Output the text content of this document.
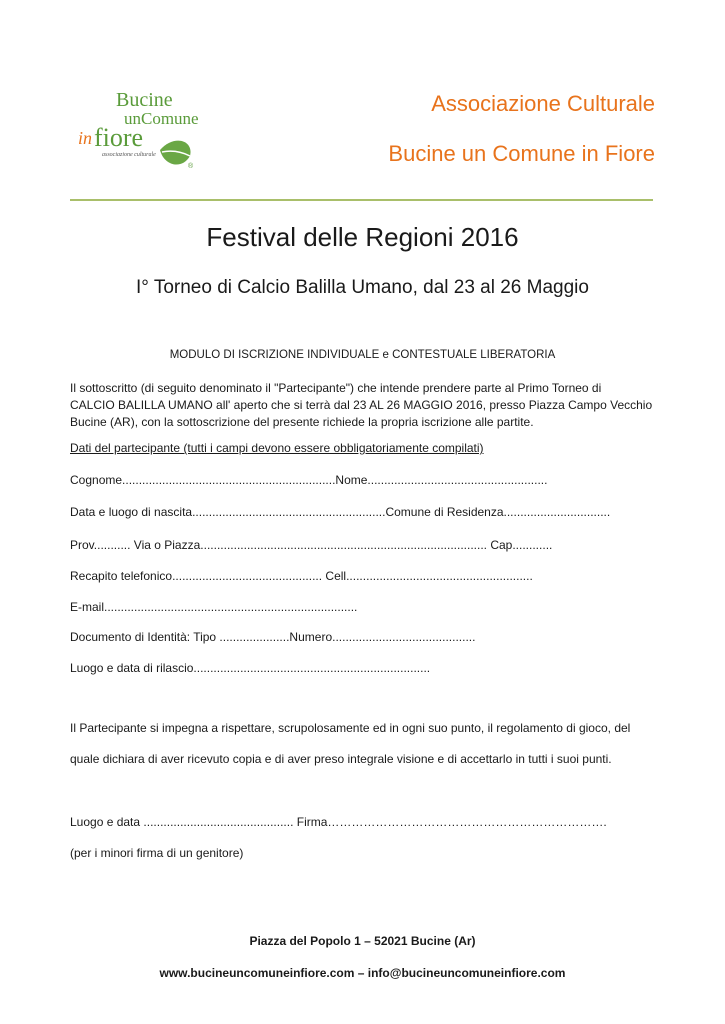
Bucine
unComune
in fiore
associazione culturale
®
Associazione Culturale
Bucine un Comune in Fiore
Festival delle Regioni 2016
I° Torneo di Calcio Balilla Umano, dal 23 al 26 Maggio
MODULO DI ISCRIZIONE INDIVIDUALE e CONTESTUALE LIBERATORIA
Il sottoscritto (di seguito denominato il "Partecipante") che intende prendere parte al Primo Torneo di
CALCIO BALILLA UMANO all' aperto che si terrà dal 23 AL 26 MAGGIO 2016, presso Piazza Campo Vecchio
Bucine (AR), con la sottoscrizione del presente richiede la propria iscrizione alle partite.
Dati del partecipante (tutti i campi devono essere obbligatoriamente compilati)
Cognome................................................................Nome......................................................
Data e luogo di nascita..........................................................Comune di Residenza................................
Prov........... Via o Piazza...................................................................................... Cap............
Recapito telefonico............................................. Cell........................................................
E-mail............................................................................
Documento di Identità: Tipo .....................Numero...........................................
Luogo e data di rilascio.......................................................................
Il Partecipante si impegna a rispettare, scrupolosamente ed in ogni suo punto, il regolamento di gioco, del
quale dichiara di aver ricevuto copia e di aver preso integrale visione e di accettarlo in tutti i suoi punti.
Luogo e data ............................................. Firma…………………………………………………………….
(per i minori firma di un genitore)
Piazza del Popolo 1 – 52021 Bucine (Ar)
www.bucineuncomuneinfiore.com – info@bucineuncomuneinfiore.com
